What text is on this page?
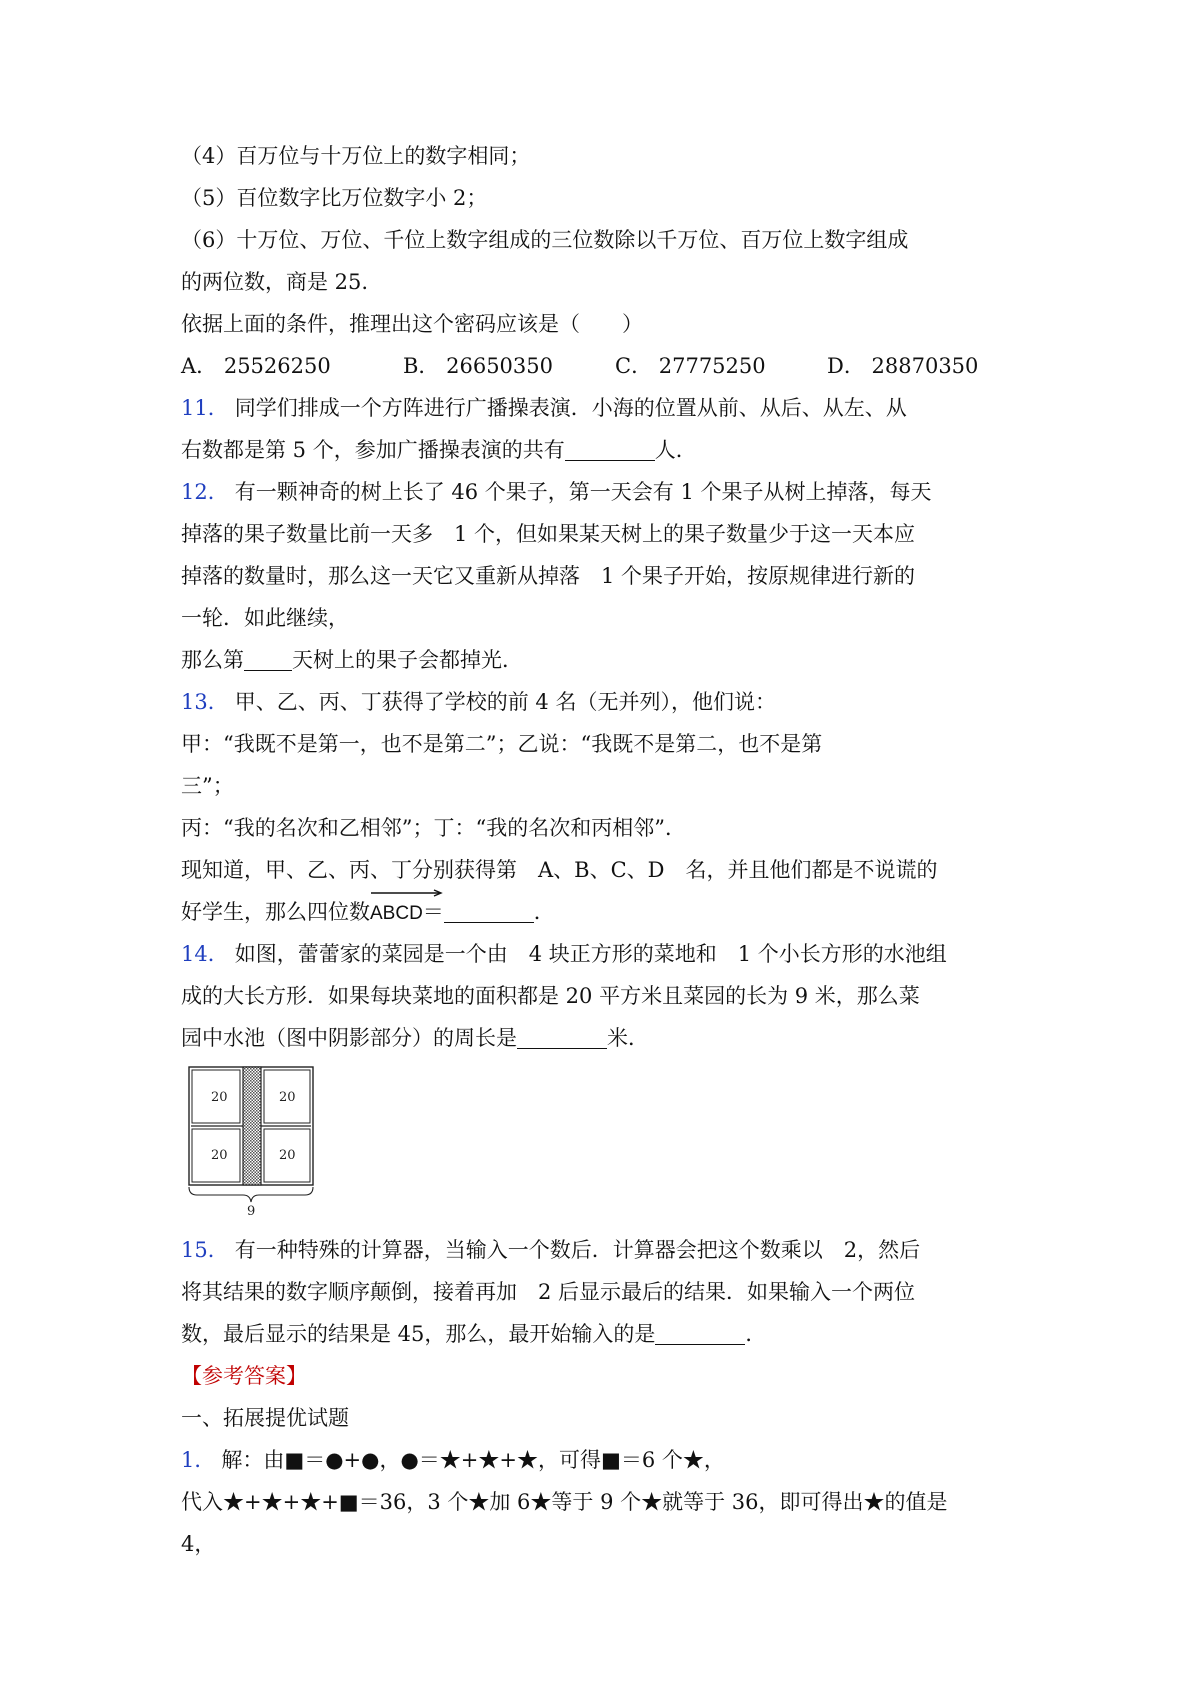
（4）百万位与十万位上的数字相同；
（5）百位数字比万位数字小 2；
（6）十万位、万位、千位上数字组成的三位数除以千万位、百万位上数字组成
的两位数，商是 25.
依据上面的条件，推理出这个密码应该是（　　）
A． 25526250	B． 26650350	C． 27775250	D． 28870350
11． 同学们排成一个方阵进行广播操表演．小海的位置从前、从后、从左、从
右数都是第 5 个，参加广播操表演的共有	人．
12． 有一颗神奇的树上长了 46 个果子，第一天会有 1 个果子从树上掉落，每天
掉落的果子数量比前一天多　1 个，但如果某天树上的果子数量少于这一天本应
掉落的数量时，那么这一天它又重新从掉落　1 个果子开始，按原规律进行新的
一轮．如此继续，
那么第 天树上的果子会都掉光．
13． 甲、乙、丙、丁获得了学校的前 4 名（无并列），他们说：
甲：“我既不是第一，也不是第二”；乙说：“我既不是第二，也不是第
三”；
丙：“我的名次和乙相邻”；丁：“我的名次和丙相邻”．
现知道，甲、乙、丙、丁分别获得第　A、B、C、D　名，并且他们都是不说谎的
好学生，那么四位数
ABCD＝	．
14． 如图，蕾蕾家的菜园是一个由　4 块正方形的菜地和　1 个小长方形的水池组
成的大长方形．如果每块菜地的面积都是 20 平方米且菜园的长为 9 米，那么菜
园中水池（图中阴影部分）的周长是	米．
20	20
20	20
9
15． 有一种特殊的计算器，当输入一个数后．计算器会把这个数乘以　2，然后
将其结果的数字顺序颠倒，接着再加　2 后显示最后的结果．如果输入一个两位
数，最后显示的结果是 45，那么，最开始输入的是	．
【参考答案】
一、拓展提优试题
1． 解：由■＝●+●，●＝★+★+★，可得■＝6 个★，
代入★+★+★+■＝36，3 个★加 6★等于 9 个★就等于 36，即可得出★的值是
4，
